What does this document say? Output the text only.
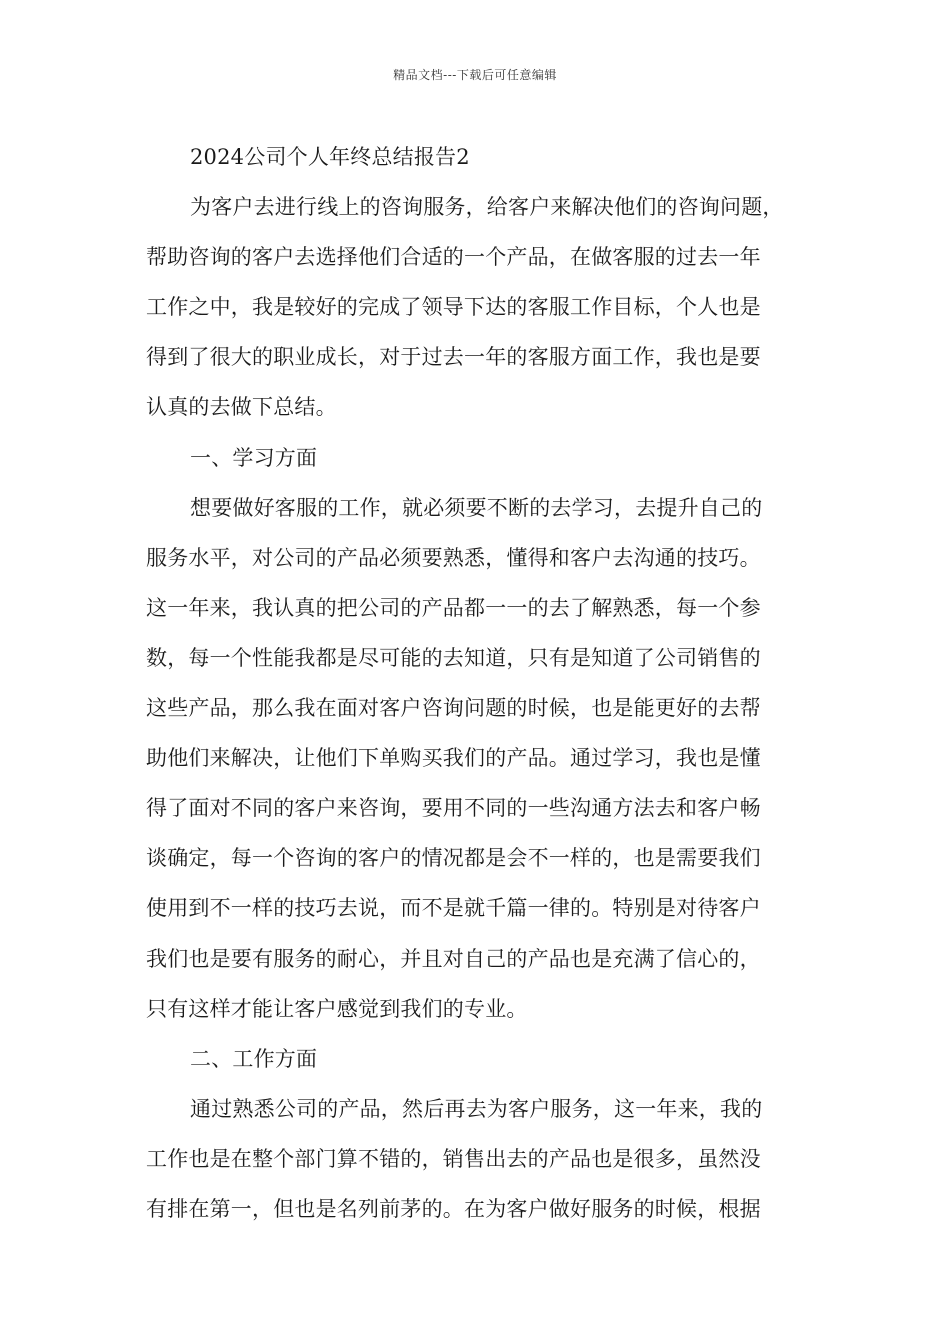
精品文档---下载后可任意编辑
2024公司个人年终总结报告2
为客户去进行线上的咨询服务，给客户来解决他们的咨询问题，
帮助咨询的客户去选择他们合适的一个产品，在做客服的过去一年
工作之中，我是较好的完成了领导下达的客服工作目标，个人也是
得到了很大的职业成长，对于过去一年的客服方面工作，我也是要
认真的去做下总结。
一、学习方面
想要做好客服的工作，就必须要不断的去学习，去提升自己的
服务水平，对公司的产品必须要熟悉，懂得和客户去沟通的技巧。
这一年来，我认真的把公司的产品都一一的去了解熟悉，每一个参
数，每一个性能我都是尽可能的去知道，只有是知道了公司销售的
这些产品，那么我在面对客户咨询问题的时候，也是能更好的去帮
助他们来解决，让他们下单购买我们的产品。通过学习，我也是懂
得了面对不同的客户来咨询，要用不同的一些沟通方法去和客户畅
谈确定，每一个咨询的客户的情况都是会不一样的，也是需要我们
使用到不一样的技巧去说，而不是就千篇一律的。特别是对待客户
我们也是要有服务的耐心，并且对自己的产品也是充满了信心的，
只有这样才能让客户感觉到我们的专业。
二、工作方面
通过熟悉公司的产品，然后再去为客户服务，这一年来，我的
工作也是在整个部门算不错的，销售出去的产品也是很多，虽然没
有排在第一，但也是名列前茅的。在为客户做好服务的时候，根据
